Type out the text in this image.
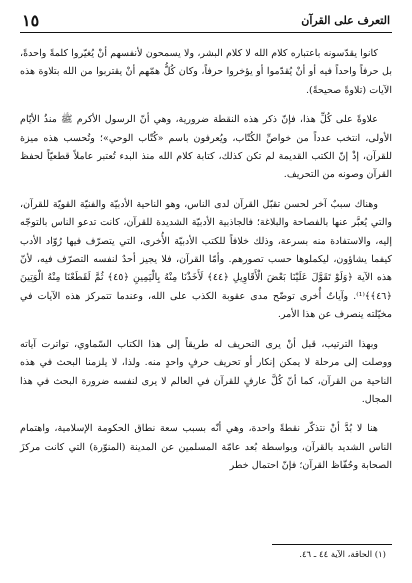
التعرف على القرآن
١٥

كانوا يقدّسونه باعتباره كلام الله لا كلام البشر، ولا يسمحون لأنفسهم أنْ يُغيّروا كلمةً واحدةً، بل حرفاً واحداً فيه أو أنْ يُقدّموا أو يؤخروا حرفاً، وكان كُلُّ همّهم أنْ يقتربوا من الله بتلاوة هذه الآيات (تلاوةً صحيحةً).

علاوةً على كُلِّ هذا، فإنّ ذكر هذه النقطة ضرورية، وهي أنّ الرسول الأكرم ﷺ منذُ الأيّام الأولى، انتخب عدداً من خواصِّ الكُتّاب، ويُعرفون باسم «كُتّاب الوحي»؛ وتُحسب هذه ميزة للقرآن، إذْ إنّ الكتب القديمة لم تكن كذلك، كتابة كلام الله منذ البدء تُعتبر عاملاً قطعيّاً لحفظ القرآن وصونه من التحريف.

وهناك سببٌ آخر لحسن تقبّل القرآن لدى الناس، وهو الناحية الأدبيّة والفنيّة القويّة للقرآن، والتي يُعبَّر عنها بالفصاحة والبلاغة؛ فالجاذبية الأدبيّة الشديدة للقرآن، كانت تدعو الناس بالتوجّه إليه، والاستفادة منه بسرعة، وذلك خلافاً للكتب الأدبيّة الأُخرى، التي يتصرّف فيها رُوّاد الأدب كيفما يشاؤون، ليكملوها حسب تصورهم. وأمّا القرآن، فلا يجيز أحدٌ لنفسه التصرّف فيه، لأنّ هذه الآية ﴿وَلَوْ تَقَوَّلَ عَلَيْنَا بَعْضَ الْأَقَاوِيلِ ﴿٤٤﴾ لَأَخَذْنَا مِنْهُ بِالْيَمِينِ ﴿٤٥﴾ ثُمَّ لَقَطَعْنَا مِنْهُ الْوَتِينَ ﴿٤٦﴾﴾⁽¹⁾. وآياتٌ أُخرى توضّح مدى عقوبة الكذب على الله، وعندما تتمركز هذه الآيات في مخيّلته ينصرف عن هذا الأمر.

وبهذا الترتيب، قبل أنْ يرى التحريف له طريقاً إلى هذا الكتاب السّماوي، تواترت آياته ووصلت إلى مرحلة لا يمكن إنكار أو تحريف حرفٍ واحدٍ منه. ولذا، لا يلزمنا البحث في هذه الناحية من القرآن، كما أنّ كُلَّ عارفٍ للقرآن في العالم لا يرى لنفسه ضرورة البحث في هذا المجال.

هنا لا بُدَّ أنْ نتذكّر نقطةً واحدة، وهي أنّه بسبب سعة نطاق الحكومة الإسلامية، واهتمام الناس الشديد بالقرآن، وبواسطة بُعد عامّة المسلمين عن المدينة (المنوّرة) التي كانت مركزَ الصحابة وحُفّاظ القرآن؛ فإنّ احتمال خطر

(١) الحاقة، الآية ٤٤ ـ ٤٦.
